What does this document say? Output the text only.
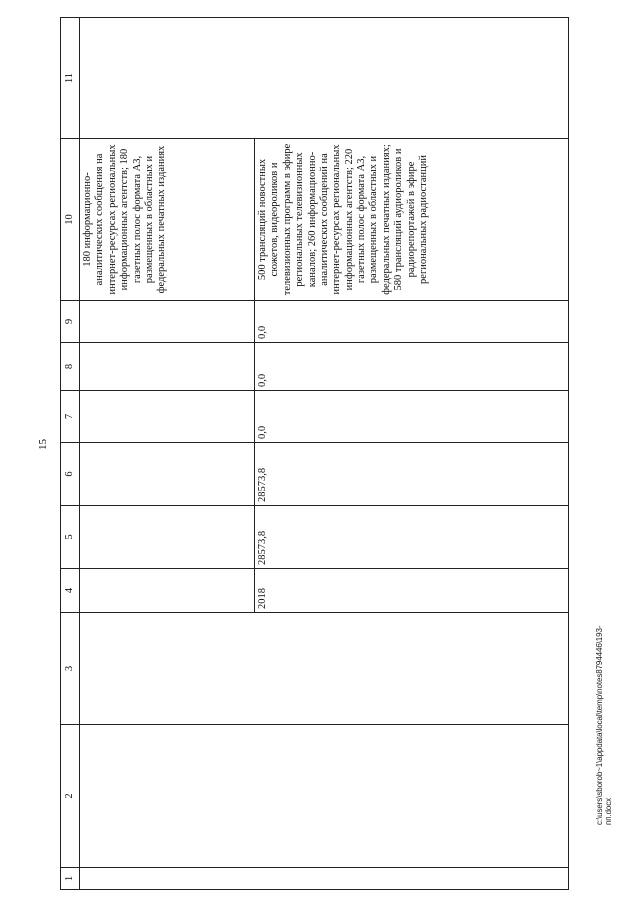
15
1	2	3	4	5	6	7	8	9	10	11

									180 информационно-аналитических сообщения на интернет-ресурсах региональных информационных агентств; 180 газетных полос формата А3, размещенных в областных и федеральных печатных изданиях	

			2018	28573,8	28573,8	0,0	0,0	0,0	500 трансляций новостных сюжетов, видеороликов и телевизионных программ в эфире региональных телевизионных каналов; 260 информационно-аналитических сообщений на интернет-ресурсах региональных информационных агентств; 220 газетных полос формата А3, размещенных в областных и федеральных печатных изданиях; 580 трансляций аудиороликов и радиорепортажей в эфире региональных радиостанций	
c:\users\sborob~1\appdata\local\temp\notes8794446\193-пп.docx
